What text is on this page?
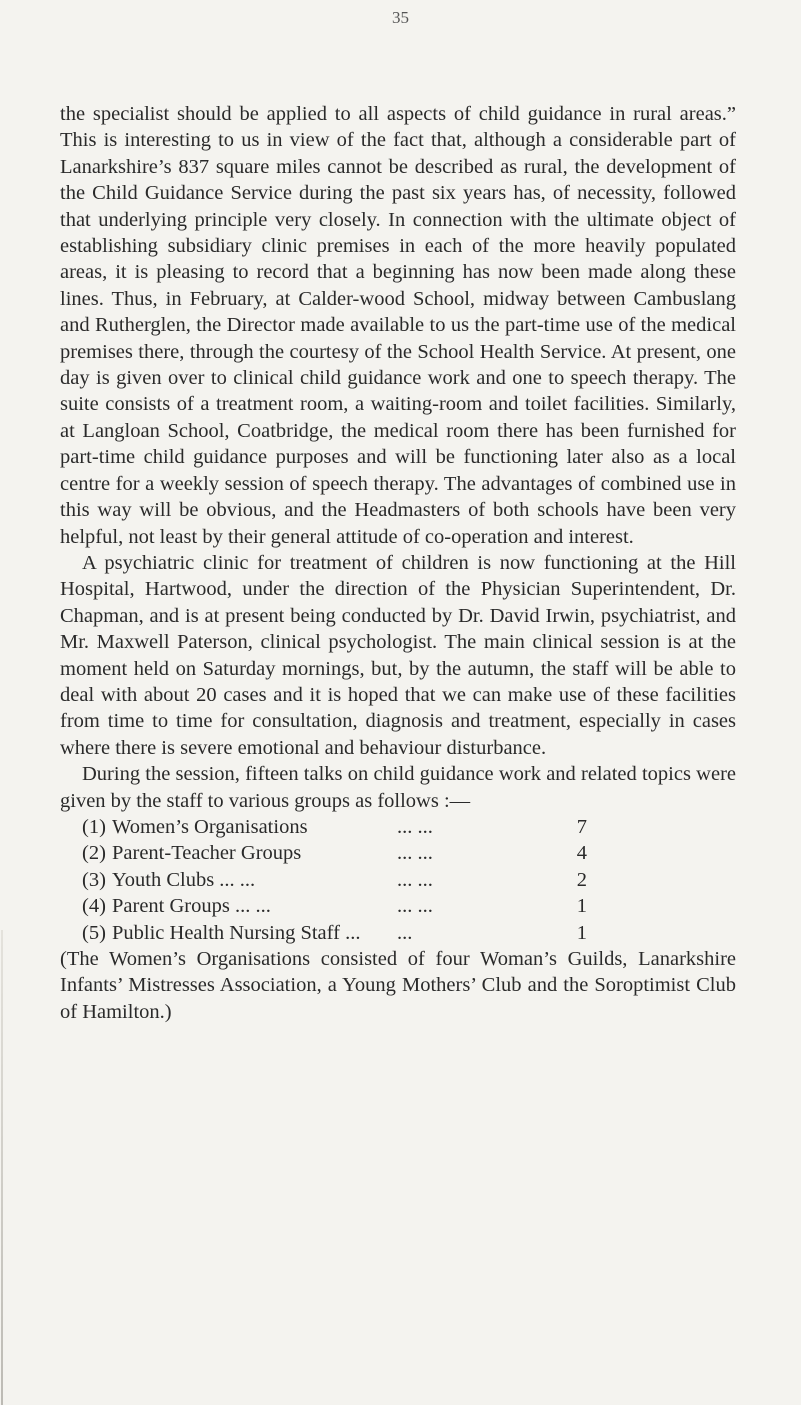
35

the specialist should be applied to all aspects of child guidance in rural areas.” This is interesting to us in view of the fact that, although a considerable part of Lanarkshire’s 837 square miles cannot be described as rural, the development of the Child Guidance Service during the past six years has, of necessity, followed that underlying principle very closely. In connection with the ultimate object of establishing subsidiary clinic premises in each of the more heavily populated areas, it is pleasing to record that a beginning has now been made along these lines. Thus, in February, at Calder-wood School, midway between Cambuslang and Rutherglen, the Director made available to us the part-time use of the medical premises there, through the courtesy of the School Health Service. At present, one day is given over to clinical child guidance work and one to speech therapy. The suite consists of a treatment room, a waiting-room and toilet facilities. Similarly, at Langloan School, Coatbridge, the medical room there has been furnished for part-time child guidance purposes and will be functioning later also as a local centre for a weekly session of speech therapy. The advantages of combined use in this way will be obvious, and the Headmasters of both schools have been very helpful, not least by their general attitude of co-operation and interest.

A psychiatric clinic for treatment of children is now functioning at the Hill Hospital, Hartwood, under the direction of the Physician Superintendent, Dr. Chapman, and is at present being conducted by Dr. David Irwin, psychiatrist, and Mr. Maxwell Paterson, clinical psychologist. The main clinical session is at the moment held on Saturday mornings, but, by the autumn, the staff will be able to deal with about 20 cases and it is hoped that we can make use of these facilities from time to time for consultation, diagnosis and treatment, especially in cases where there is severe emotional and behaviour disturbance.

During the session, fifteen talks on child guidance work and related topics were given by the staff to various groups as follows :—

(1) Women’s Organisations	... ...	7
(2) Parent-Teacher Groups	... ...	4
(3) Youth Clubs ... ...	... ...	2
(4) Parent Groups ... ...	... ...	1
(5) Public Health Nursing Staff ...	...	1

(The Women’s Organisations consisted of four Woman’s Guilds, Lanarkshire Infants’ Mistresses Association, a Young Mothers’ Club and the Soroptimist Club of Hamilton.)
